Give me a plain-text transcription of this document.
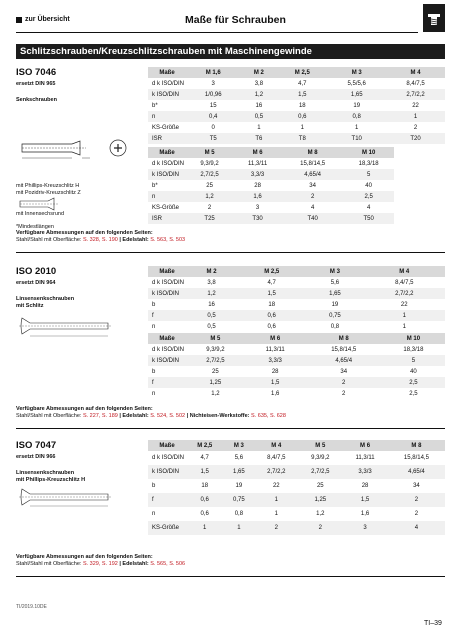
zur Übersicht	Maße für Schrauben
Schlitzschrauben/Kreuzschlitzschrauben mit Maschinengewinde
ISO 7046
ersetzt DIN 965
Senkschrauben
mit Phillips-Kreuzschlitz H
mit Pozidriv-Kreuzschlitz Z
mit Innensechsrund
*Mindestlängen
Maße	M 1,6	M 2	M 2,5	M 3	M 4
d k ISO/DIN	3	3,8	4,7	5,5/5,6	8,4/7,5
k ISO/DIN	1/0,96	1,2	1,5	1,65	2,7/2,2
b*	15	16	18	19	22
n	0,4	0,5	0,6	0,8	1
KS-Größe	0	1	1	1	2
ISR	T5	T6	T8	T10	T20
Maße	M 5	M 6	M 8	M 10
d k ISO/DIN	9,3/9,2	11,3/11	15,8/14,5	18,3/18
k ISO/DIN	2,7/2,5	3,3/3	4,65/4	5
b*	25	28	34	40
n	1,2	1,6	2	2,5
KS-Größe	2	3	4	4
ISR	T25	T30	T40	T50
Verfügbare Abmessungen auf den folgenden Seiten:
Stahl/Stahl mit Oberfläche: S. 328, S. 190 | Edelstahl: S. 563, S. 503
ISO 2010
ersetzt DIN 964
Linsensenkschrauben
mit Schlitz
Maße	M 2	M 2,5	M 3	M 4
d k ISO/DIN	3,8	4,7	5,6	8,4/7,5
k ISO/DIN	1,2	1,5	1,65	2,7/2,2
b	16	18	19	22
f	0,5	0,6	0,75	1
n	0,5	0,6	0,8	1
Maße	M 5	M 6	M 8	M 10
d k ISO/DIN	9,3/9,2	11,3/11	15,8/14,5	18,3/18
k ISO/DIN	2,7/2,5	3,3/3	4,65/4	5
b	25	28	34	40
f	1,25	1,5	2	2,5
n	1,2	1,6	2	2,5
Verfügbare Abmessungen auf den folgenden Seiten:
Stahl/Stahl mit Oberfläche: S. 227, S. 189 | Edelstahl: S. 524, S. 502 | Nichteisen-Werkstoffe: S. 635, S. 628
ISO 7047
ersetzt DIN 966
Linsensenkschrauben
mit Phillips-Kreuzschlitz H
Maße	M 2,5	M 3	M 4	M 5	M 6	M 8
d k ISO/DIN	4,7	5,6	8,4/7,5	9,3/9,2	11,3/11	15,8/14,5
k ISO/DIN	1,5	1,65	2,7/2,2	2,7/2,5	3,3/3	4,65/4
b	18	19	22	25	28	34
f	0,6	0,75	1	1,25	1,5	2
n	0,6	0,8	1	1,2	1,6	2
KS-Größe	1	1	2	2	3	4
Verfügbare Abmessungen auf den folgenden Seiten:
Stahl/Stahl mit Oberfläche: S. 329, S. 192 | Edelstahl: S. 565, S. 506
TI/2019.10DE
TI–39
